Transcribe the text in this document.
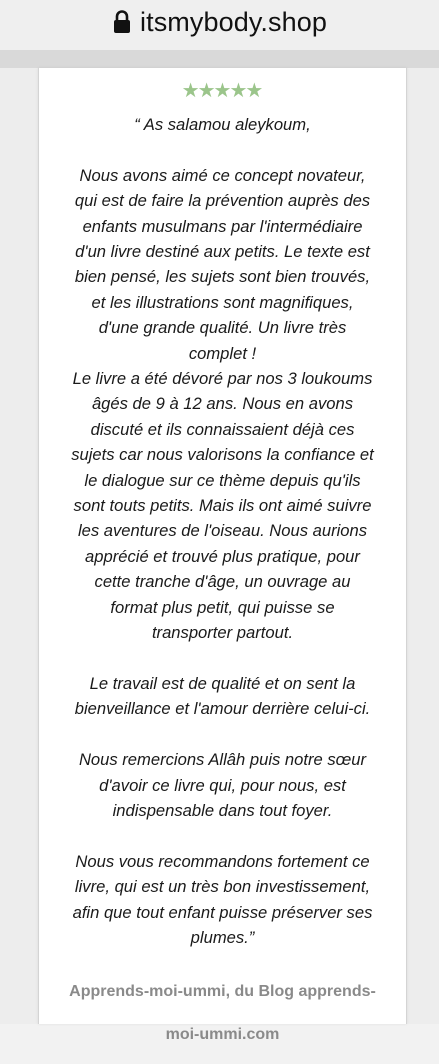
itsmybody.shop
★★★★★

“ As salamou aleykoum,

Nous avons aimé ce concept novateur,

qui est de faire la prévention auprès des

enfants musulmans par l'intermédiaire

d'un livre destiné aux petits. Le texte est

bien pensé, les sujets sont bien trouvés,

et les illustrations sont magnifiques,

d'une grande qualité. Un livre très

complet !

Le livre a été dévoré par nos 3 loukoums

âgés de 9 à 12 ans. Nous en avons

discuté et ils connaissaient déjà ces

sujets car nous valorisons la confiance et

le dialogue sur ce thème depuis qu'ils

sont touts petits. Mais ils ont aimé suivre

les aventures de l'oiseau. Nous aurions

apprécié et trouvé plus pratique, pour

cette tranche d'âge, un ouvrage au

format plus petit, qui puisse se

transporter partout.

Le travail est de qualité et on sent la

bienveillance et l'amour derrière celui-ci.

Nous remercions Allâh puis notre sœur

d'avoir ce livre qui, pour nous, est

indispensable dans tout foyer.

Nous vous recommandons fortement ce

livre, qui est un très bon investissement,

afin que tout enfant puisse préserver ses

plumes.”

Apprends-moi-ummi, du Blog apprends-

moi-ummi.com
